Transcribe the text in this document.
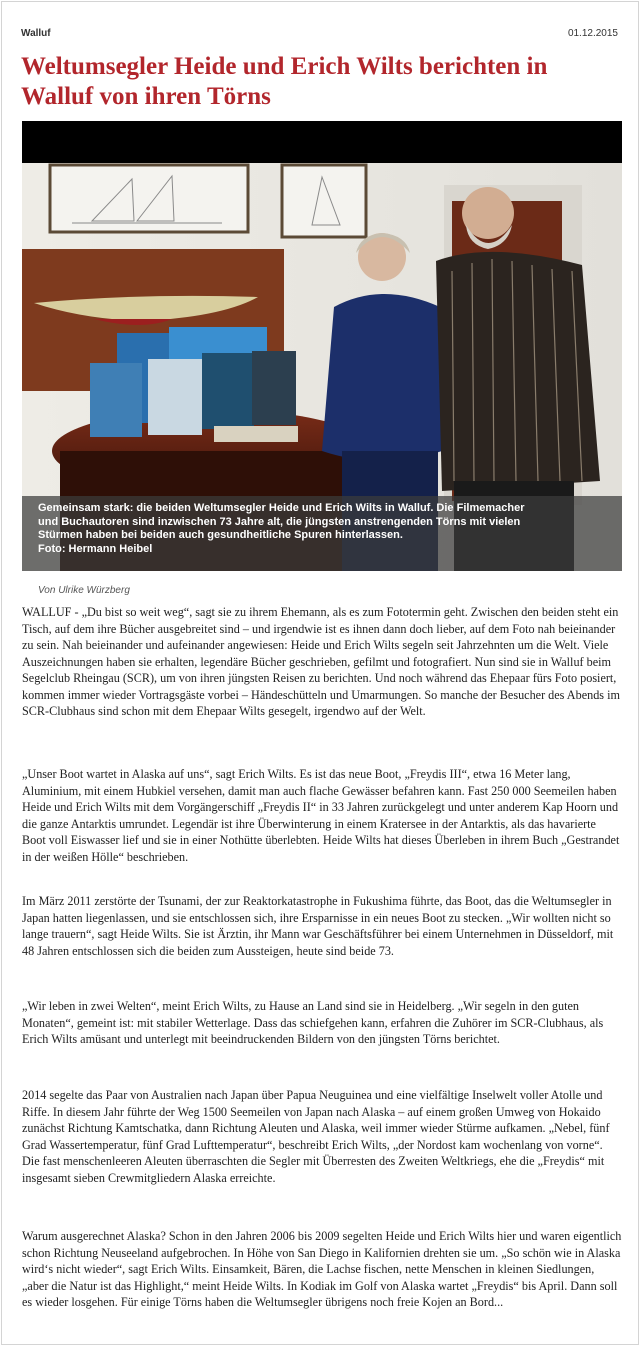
Walluf	01.12.2015
Weltumsegler Heide und Erich Wilts berichten in Walluf von ihren Törns
Gemeinsam stark: die beiden Weltumsegler Heide und Erich Wilts in Walluf. Die Filmemacher
und Buchautoren sind inzwischen 73 Jahre alt, die jüngsten anstrengenden Törns mit vielen
Stürmen haben bei beiden auch gesundheitliche Spuren hinterlassen.
Foto: Hermann Heibel
Von Ulrike Würzberg

WALLUF - „Du bist so weit weg“, sagt sie zu ihrem Ehemann, als es zum Fototermin geht. Zwischen den beiden steht ein Tisch, auf dem ihre Bücher ausgebreitet sind – und irgendwie ist es ihnen dann doch lieber, auf dem Foto nah beieinander zu sein. Nah beieinander und aufeinander angewiesen: Heide und Erich Wilts segeln seit Jahrzehnten um die Welt. Viele Auszeichnungen haben sie erhalten, legendäre Bücher geschrieben, gefilmt und fotografiert. Nun sind sie in Walluf beim Segelclub Rheingau (SCR), um von ihren jüngsten Reisen zu berichten. Und noch während das Ehepaar fürs Foto posiert, kommen immer wieder Vortragsgäste vorbei – Händeschütteln und Umarmungen. So manche der Besucher des Abends im SCR-Clubhaus sind schon mit dem Ehepaar Wilts gesegelt, irgendwo auf der Welt.

„Unser Boot wartet in Alaska auf uns“, sagt Erich Wilts. Es ist das neue Boot, „Freydis III“, etwa 16 Meter lang, Aluminium, mit einem Hubkiel versehen, damit man auch flache Gewässer befahren kann. Fast 250 000 Seemeilen haben Heide und Erich Wilts mit dem Vorgängerschiff „Freydis II“ in 33 Jahren zurückgelegt und unter anderem Kap Hoorn und die ganze Antarktis umrundet. Legendär ist ihre Überwinterung in einem Kratersee in der Antarktis, als das havarierte Boot voll Eiswasser lief und sie in einer Nothütte überlebten. Heide Wilts hat dieses Überleben in ihrem Buch „Gestrandet in der weißen Hölle“ beschrieben.

Im März 2011 zerstörte der Tsunami, der zur Reaktorkatastrophe in Fukushima führte, das Boot, das die Weltumsegler in Japan hatten liegenlassen, und sie entschlossen sich, ihre Ersparnisse in ein neues Boot zu stecken. „Wir wollten nicht so lange trauern“, sagt Heide Wilts. Sie ist Ärztin, ihr Mann war Geschäftsführer bei einem Unternehmen in Düsseldorf, mit 48 Jahren entschlossen sich die beiden zum Aussteigen, heute sind beide 73.

„Wir leben in zwei Welten“, meint Erich Wilts, zu Hause an Land sind sie in Heidelberg. „Wir segeln in den guten Monaten“, gemeint ist: mit stabiler Wetterlage. Dass das schiefgehen kann, erfahren die Zuhörer im SCR-Clubhaus, als Erich Wilts amüsant und unterlegt mit beeindruckenden Bildern von den jüngsten Törns berichtet.

2014 segelte das Paar von Australien nach Japan über Papua Neuguinea und eine vielfältige Inselwelt voller Atolle und Riffe. In diesem Jahr führte der Weg 1500 Seemeilen von Japan nach Alaska – auf einem großen Umweg von Hokaido zunächst Richtung Kamtschatka, dann Richtung Aleuten und Alaska, weil immer wieder Stürme aufkamen. „Nebel, fünf Grad Wassertemperatur, fünf Grad Lufttemperatur“, beschreibt Erich Wilts, „der Nordost kam wochenlang von vorne“. Die fast menschenleeren Aleuten überraschten die Segler mit Überresten des Zweiten Weltkriegs, ehe die „Freydis“ mit insgesamt sieben Crewmitgliedern Alaska erreichte.

Warum ausgerechnet Alaska? Schon in den Jahren 2006 bis 2009 segelten Heide und Erich Wilts hier und waren eigentlich schon Richtung Neuseeland aufgebrochen. In Höhe von San Diego in Kalifornien drehten sie um. „So schön wie in Alaska wird‘s nicht wieder“, sagt Erich Wilts. Einsamkeit, Bären, die Lachse fischen, nette Menschen in kleinen Siedlungen, „aber die Natur ist das Highlight,“ meint Heide Wilts. In Kodiak im Golf von Alaska wartet „Freydis“ bis April. Dann soll es wieder losgehen. Für einige Törns haben die Weltumsegler übrigens noch freie Kojen an Bord...
